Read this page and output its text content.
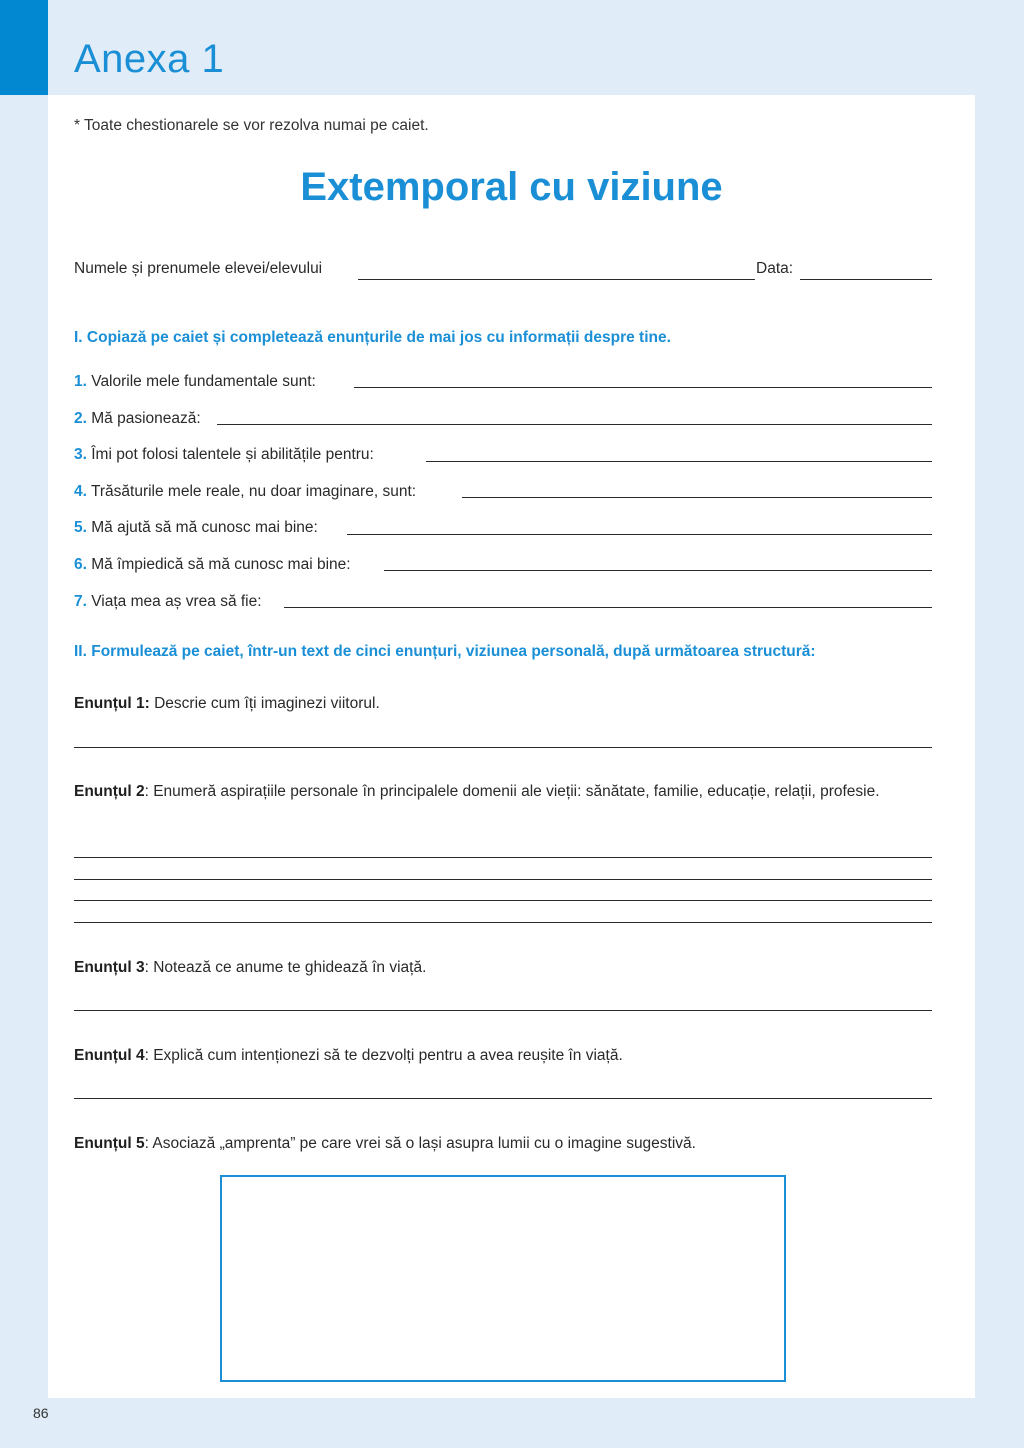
Anexa 1
* Toate chestionarele se vor rezolva numai pe caiet.
Extemporal cu viziune
Numele și prenumele elevei/elevului	Data:
I. Copiază pe caiet și completează enunțurile de mai jos cu informații despre tine.
1. Valorile mele fundamentale sunt:
2. Mă pasionează:
3. Îmi pot folosi talentele și abilitățile pentru:
4. Trăsăturile mele reale, nu doar imaginare, sunt:
5. Mă ajută să mă cunosc mai bine:
6. Mă împiedică să mă cunosc mai bine:
7. Viața mea aș vrea să fie:
II. Formulează pe caiet, într-un text de cinci enunțuri, viziunea personală, după următoarea structură:
Enunțul 1: Descrie cum îți imaginezi viitorul.
Enunțul 2: Enumeră aspirațiile personale în principalele domenii ale vieții: sănătate, familie, educație, relații, profesie.
Enunțul 3: Notează ce anume te ghidează în viață.
Enunțul 4: Explică cum intenționezi să te dezvolți pentru a avea reușite în viață.
Enunțul 5: Asociază „amprenta” pe care vrei să o lași asupra lumii cu o imagine sugestivă.
86
